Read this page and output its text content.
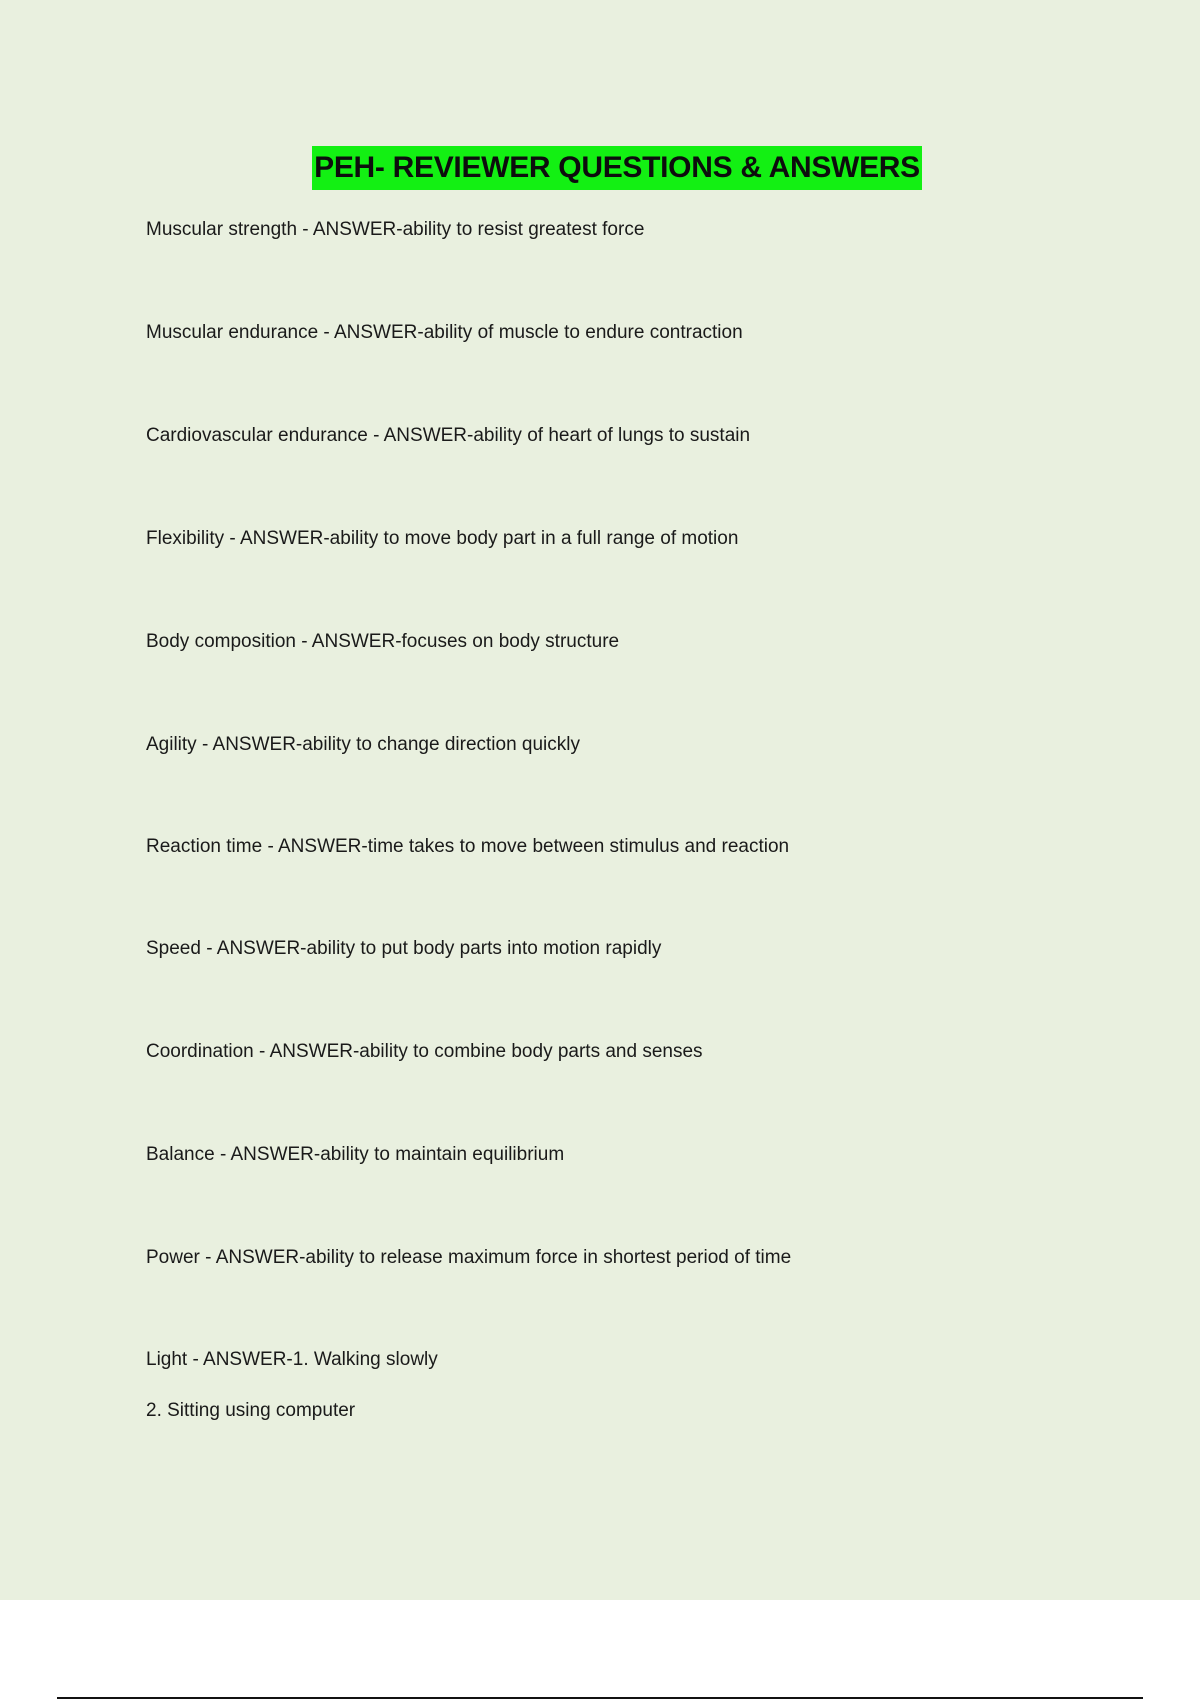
PEH- REVIEWER QUESTIONS & ANSWERS
Muscular strength - ANSWER-ability to resist greatest force
Muscular endurance - ANSWER-ability of muscle to endure contraction
Cardiovascular endurance - ANSWER-ability of heart of lungs to sustain
Flexibility - ANSWER-ability to move body part in a full range of motion
Body composition - ANSWER-focuses on body structure
Agility - ANSWER-ability to change direction quickly
Reaction time - ANSWER-time takes to move between stimulus and reaction
Speed - ANSWER-ability to put body parts into motion rapidly
Coordination - ANSWER-ability to combine body parts and senses
Balance - ANSWER-ability to maintain equilibrium
Power - ANSWER-ability to release maximum force in shortest period of time
Light - ANSWER-1. Walking slowly
2. Sitting using computer
